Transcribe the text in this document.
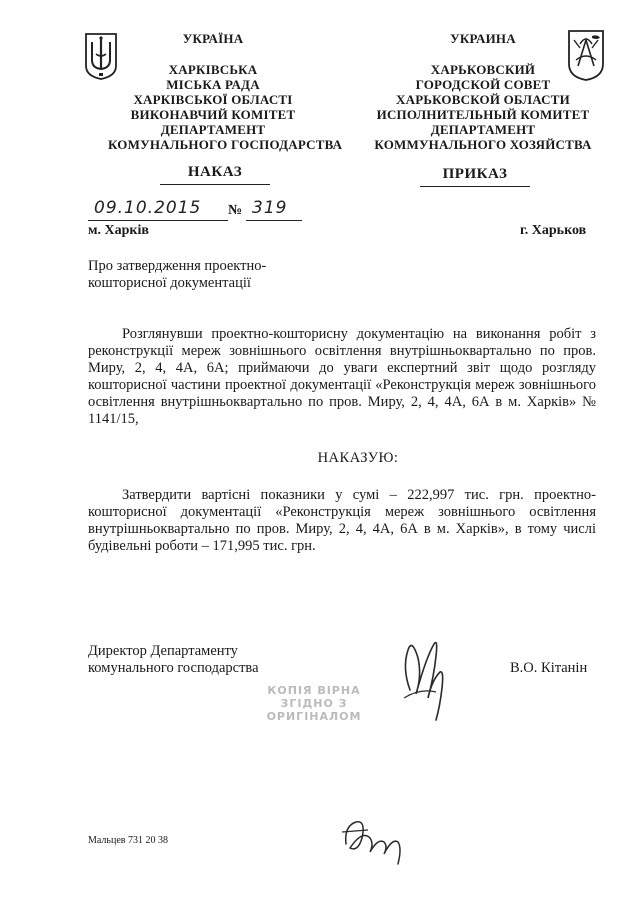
УКРАЇНА
ХАРКІВСЬКА
МІСЬКА РАДА
ХАРКІВСЬКОЇ ОБЛАСТІ
ВИКОНАВЧИЙ КОМІТЕТ
ДЕПАРТАМЕНТ
КОМУНАЛЬНОГО ГОСПОДАРСТВА
УКРАИНА
ХАРЬКОВСКИЙ
ГОРОДСКОЙ СОВЕТ
ХАРЬКОВСКОЙ ОБЛАСТИ
ИСПОЛНИТЕЛЬНЫЙ КОМИТЕТ
ДЕПАРТАМЕНТ
КОММУНАЛЬНОГО ХОЗЯЙСТВА
НАКАЗ	ПРИКАЗ
09.10.2015 № 319
м. Харків	г. Харьков
Про затвердження проектно-
кошторисної документації
Розглянувши проектно-кошторисну документацію на виконання робіт з реконструкції мереж зовнішнього освітлення внутрішньоквартально по пров. Миру, 2, 4, 4А, 6А; приймаючи до уваги експертний звіт щодо розгляду кошторисної частини проектної документації «Реконструкція мереж зовнішнього освітлення внутрішньоквартально по пров. Миру, 2, 4, 4А, 6А в м. Харків» № 1141/15,
НАКАЗУЮ:
Затвердити вартісні показники у сумі – 222,997 тис. грн. проектно-кошторисної документації «Реконструкція мереж зовнішнього освітлення внутрішньоквартально по пров. Миру, 2, 4, 4А, 6А в м. Харків», в тому числі будівельні роботи – 171,995 тис. грн.
Директор Департаменту
комунального господарства	В.О. Кітанін
КОПІЯ ВІРНА
ЗГІДНО З
ОРИГІНАЛОМ
Мальцев 731 20 38
